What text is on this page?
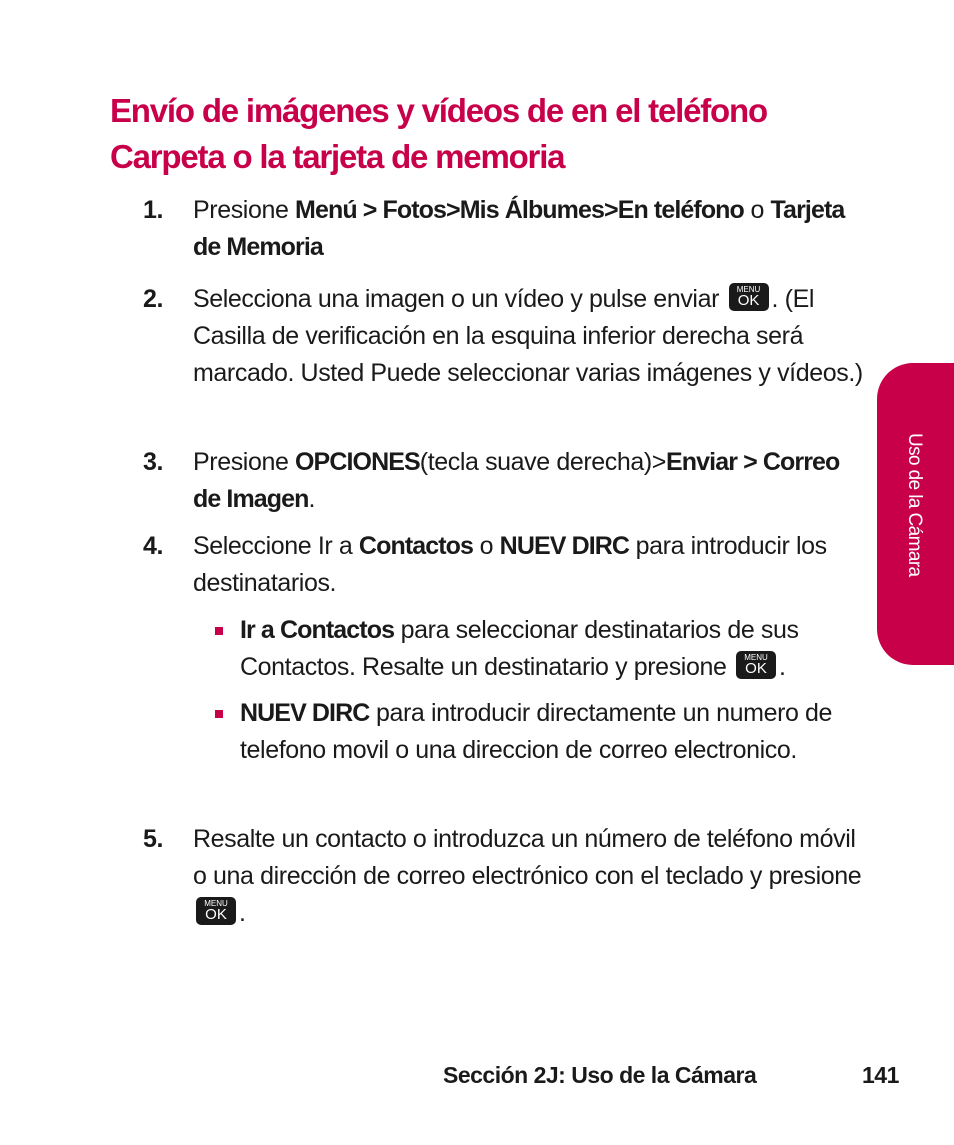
Envío de imágenes y vídeos de en el teléfono
Carpeta o la tarjeta de memoria
1.	Presione Menú > Fotos>Mis Álbumes>En teléfono o Tarjeta de Memoria
2.	Selecciona una imagen o un vídeo y pulse enviar	MENU
OK . (El Casilla de verificación en la esquina inferior derecha será marcado. Usted Puede seleccionar varias imágenes y vídeos.)
3.	Presione OPCIONES(tecla suave derecha)>Enviar > Correo de Imagen.
4.	Seleccione Ir a Contactos o NUEV DIRC para introducir los destinatarios.
Ir a Contactos para seleccionar destinatarios de sus Contactos. Resalte un destinatario y presione	MENU
OK .
NUEV DIRC para introducir directamente un numero de telefono movil o una direccion de correo electronico.
5.	Resalte un contacto o introduzca un número de teléfono móvil o una dirección de correo electrónico con el teclado y presione
MENU
OK .
Uso de la Cámara
Sección 2J: Uso de la Cámara	141
